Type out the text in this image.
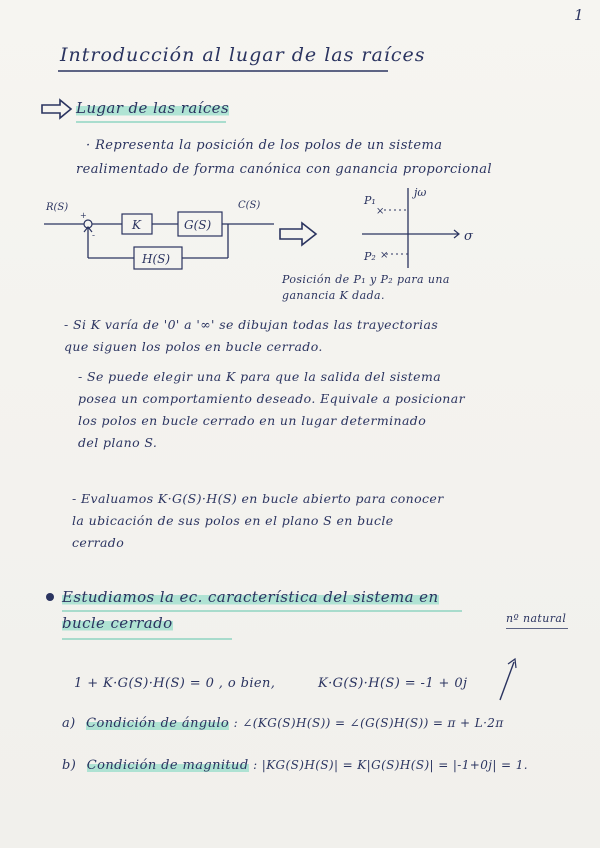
1
Introducción al lugar de las raíces
Lugar de las raíces
· Representa la posición de los polos de un sistema
realimentado de forma canónica con ganancia proporcional
R(S)	C(S)
+
-
K	G(S)
H(S)
jω
σ
P₁
×
P₂ ×
Posición de P₁ y P₂ para una
ganancia K dada.
- Si K varía de '0' a '∞' se dibujan todas las trayectorias
que siguen los polos en bucle cerrado.
- Se puede elegir una K para que la salida del sistema
posea un comportamiento deseado. Equivale a posicionar
los polos en bucle cerrado en un lugar determinado
del plano S.
- Evaluamos K·G(S)·H(S) en bucle abierto para conocer
la ubicación de sus polos en el plano S en bucle
cerrado
Estudiamos la ec. característica del sistema en
bucle cerrado	nº natural
1 + K·G(S)·H(S) = 0 , o bien,	K·G(S)·H(S) = -1 + 0j
a) Condición de ángulo : ∠(KG(S)H(S)) = ∠(G(S)H(S)) = π + L·2π
b) Condición de magnitud : |KG(S)H(S)| = K|G(S)H(S)| = |-1+0j| = 1.
